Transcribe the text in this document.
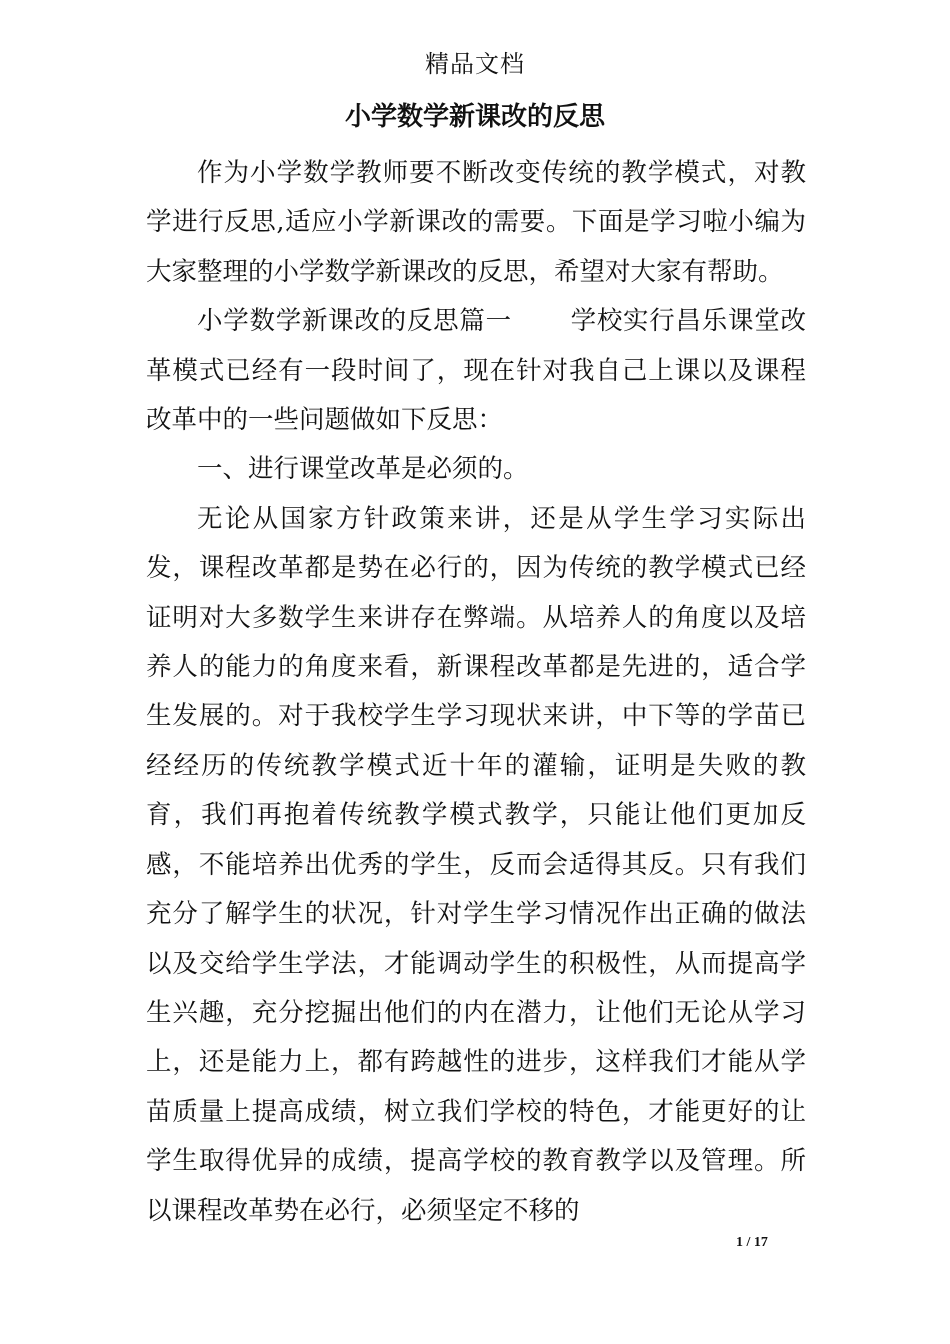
精品文档
小学数学新课改的反思

作为小学数学教师要不断改变传统的教学模式，对教学进行反思,适应小学新课改的需要。下面是学习啦小编为大家整理的小学数学新课改的反思，希望对大家有帮助。

小学数学新课改的反思篇一 学校实行昌乐课堂改革模式已经有一段时间了，现在针对我自己上课以及课程改革中的一些问题做如下反思：

一、进行课堂改革是必须的。

无论从国家方针政策来讲，还是从学生学习实际出发，课程改革都是势在必行的，因为传统的教学模式已经证明对大多数学生来讲存在弊端。从培养人的角度以及培养人的能力的角度来看，新课程改革都是先进的，适合学生发展的。对于我校学生学习现状来讲，中下等的学苗已经经历的传统教学模式近十年的灌输，证明是失败的教育，我们再抱着传统教学模式教学，只能让他们更加反感，不能培养出优秀的学生，反而会适得其反。只有我们充分了解学生的状况，针对学生学习情况作出正确的做法以及交给学生学法，才能调动学生的积极性，从而提高学生兴趣，充分挖掘出他们的内在潜力，让他们无论从学习上，还是能力上，都有跨越性的进步，这样我们才能从学苗质量上提高成绩，树立我们学校的特色，才能更好的让学生取得优异的成绩，提高学校的教育教学以及管理。所以课程改革势在必行，必须坚定不移的

1 / 17
